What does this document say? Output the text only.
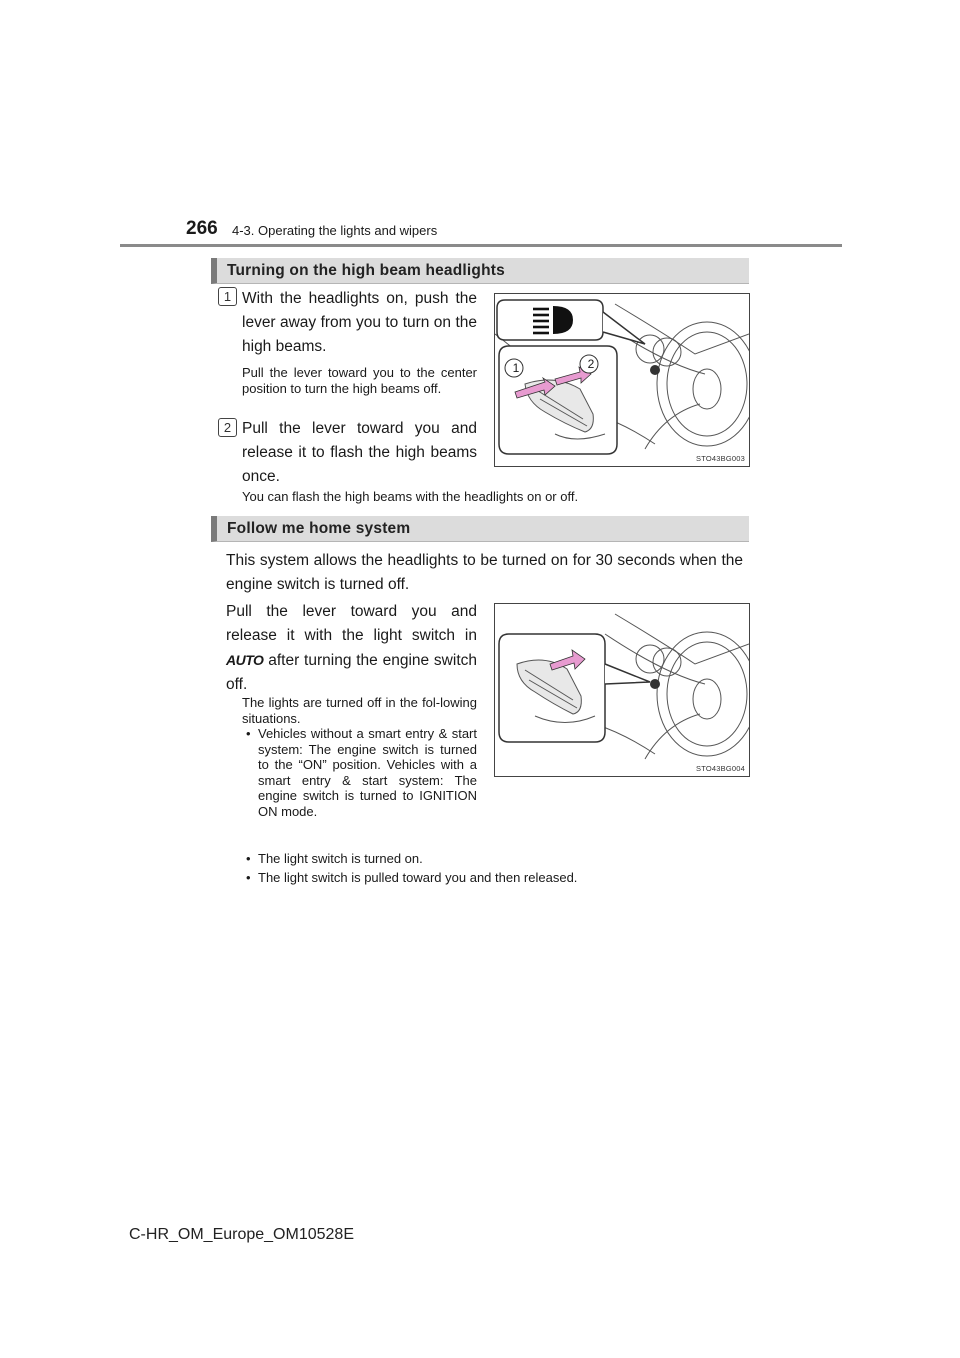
266 4-3. Operating the lights and wipers
Turning on the high beam headlights
1 With the headlights on, push the lever away from you to turn on the high beams.
Pull the lever toward you to the center position to turn the high beams off.
2 Pull the lever toward you and release it to flash the high beams once.
You can flash the high beams with the headlights on or off.
1	2
STO43BG003
Follow me home system
This system allows the headlights to be turned on for 30 seconds when the engine switch is turned off.
Pull the lever toward you and release it with the light switch in AUTO after turning the engine switch off.
The lights are turned off in the fol-lowing situations.
• Vehicles without a smart entry & start system: The engine switch is turned to the “ON” position. Vehicles with a smart entry & start system: The engine switch is turned to IGNITION ON mode.
• The light switch is turned on.
• The light switch is pulled toward you and then released.
STO43BG004
C-HR_OM_Europe_OM10528E
